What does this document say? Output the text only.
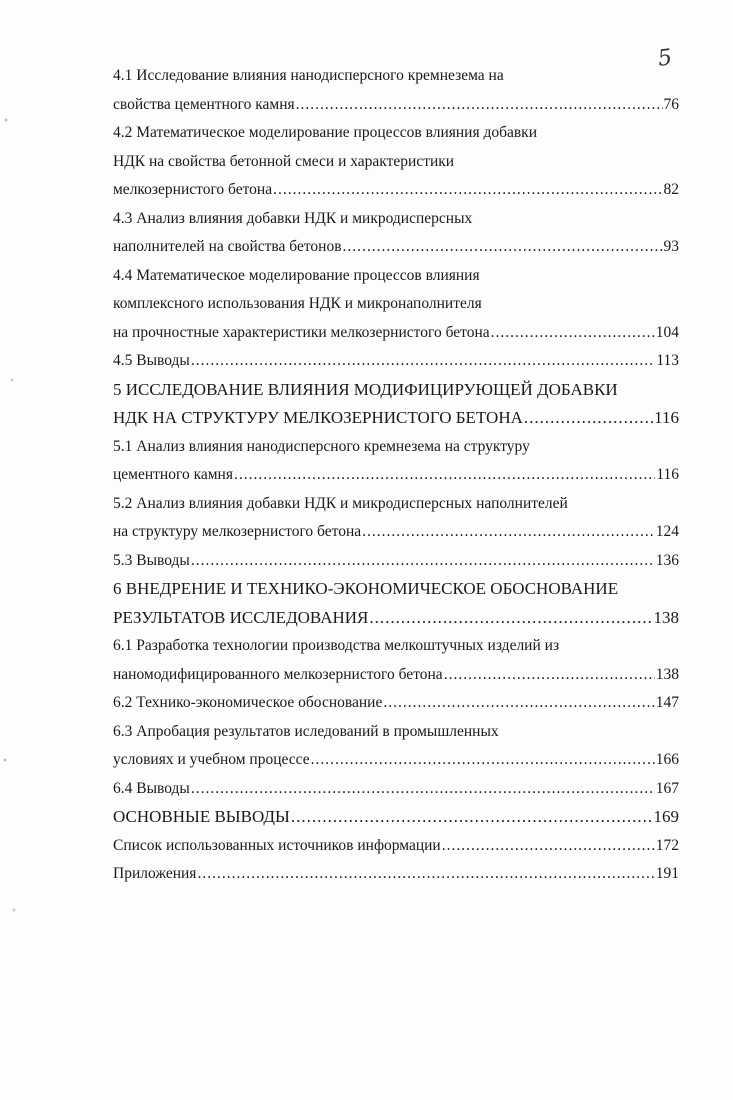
5
4.1 Исследование влияния нанодисперсного кремнезема на
свойства цементного камня .....	76
4.2 Математическое моделирование процессов влияния добавки
НДК на свойства бетонной смеси и характеристики
мелкозернистого бетона .....	82
4.3 Анализ влияния добавки НДК и микродисперсных
наполнителей на свойства бетонов .....	93
4.4 Математическое моделирование процессов влияния
комплексного использования НДК и микронаполнителя
на прочностные характеристики мелкозернистого бетона .....	104
4.5 Выводы .....	113
5 ИССЛЕДОВАНИЕ ВЛИЯНИЯ МОДИФИЦИРУЮЩЕЙ ДОБАВКИ
НДК НА СТРУКТУРУ МЕЛКОЗЕРНИСТОГО БЕТОНА .....	116
5.1 Анализ влияния нанодисперсного кремнезема на структуру
цементного камня .....	116
5.2 Анализ влияния добавки НДК и микродисперсных наполнителей
на структуру мелкозернистого бетона .....	124
5.3 Выводы .....	136
6 ВНЕДРЕНИЕ И ТЕХНИКО-ЭКОНОМИЧЕСКОЕ ОБОСНОВАНИЕ
РЕЗУЛЬТАТОВ ИССЛЕДОВАНИЯ .....	138
6.1 Разработка технологии производства мелкоштучных изделий из
наномодифицированного мелкозернистого бетона .....	138
6.2 Технико-экономическое обоснование .....	147
6.3 Апробация результатов иследований в промышленных
условиях и учебном процессе .....	166
6.4 Выводы .....	167
ОСНОВНЫЕ ВЫВОДЫ .....	169
Список использованных источников информации .....	172
Приложения .....	191
